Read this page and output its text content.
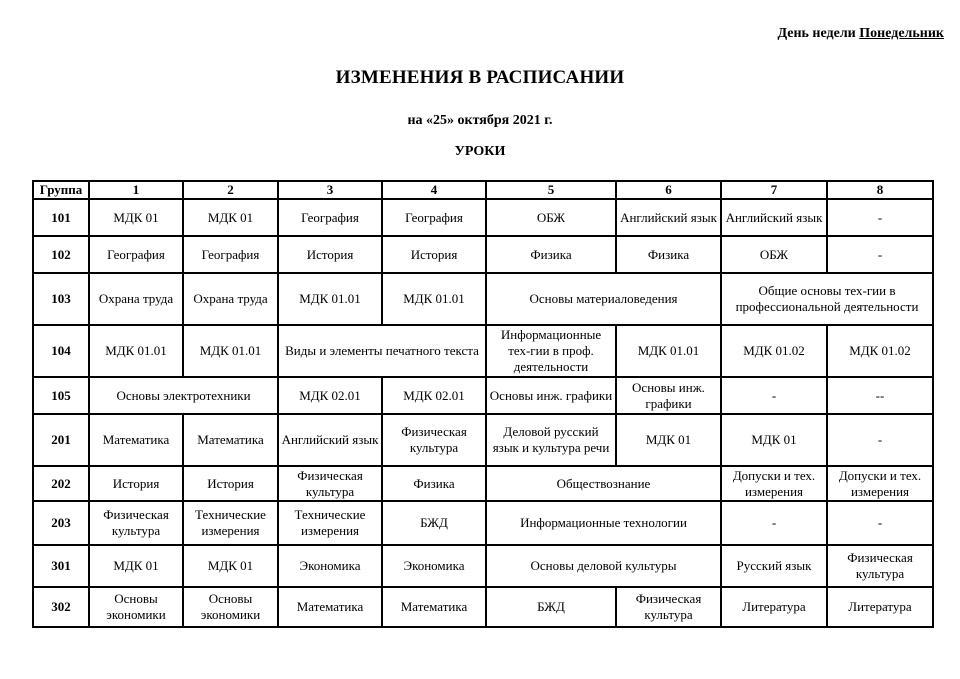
День недели Понедельник
ИЗМЕНЕНИЯ В РАСПИСАНИИ
на «25» октября 2021 г.
УРОКИ
Группа	1	2	3	4	5	6	7	8
101	МДК 01	МДК 01	География	География	ОБЖ	Английский язык	Английский язык	-
102	География	География	История	История	Физика	Физика	ОБЖ	-
103	Охрана труда	Охрана труда	МДК 01.01	МДК 01.01	Основы материаловедения		Общие основы тех-гии в профессиональной деятельности	
104	МДК 01.01	МДК 01.01	Виды и элементы печатного текста		Информационные тех-гии в проф. деятельности	МДК 01.01	МДК 01.02	МДК 01.02
105	Основы электротехники		МДК 02.01	МДК 02.01	Основы инж. графики	Основы инж. графики	-	--
201	Математика	Математика	Английский язык	Физическая культура	Деловой русский язык и культура речи	МДК 01	МДК 01	-
202	История	История	Физическая культура	Физика	Обществознание		Допуски и тех. измерения	Допуски и тех. измерения
203	Физическая культура	Технические измерения	Технические измерения	БЖД	Информационные технологии		-	-
301	МДК 01	МДК 01	Экономика	Экономика	Основы деловой культуры		Русский язык	Физическая культура
302	Основы экономики	Основы экономики	Математика	Математика	БЖД	Физическая культура	Литература	Литература
